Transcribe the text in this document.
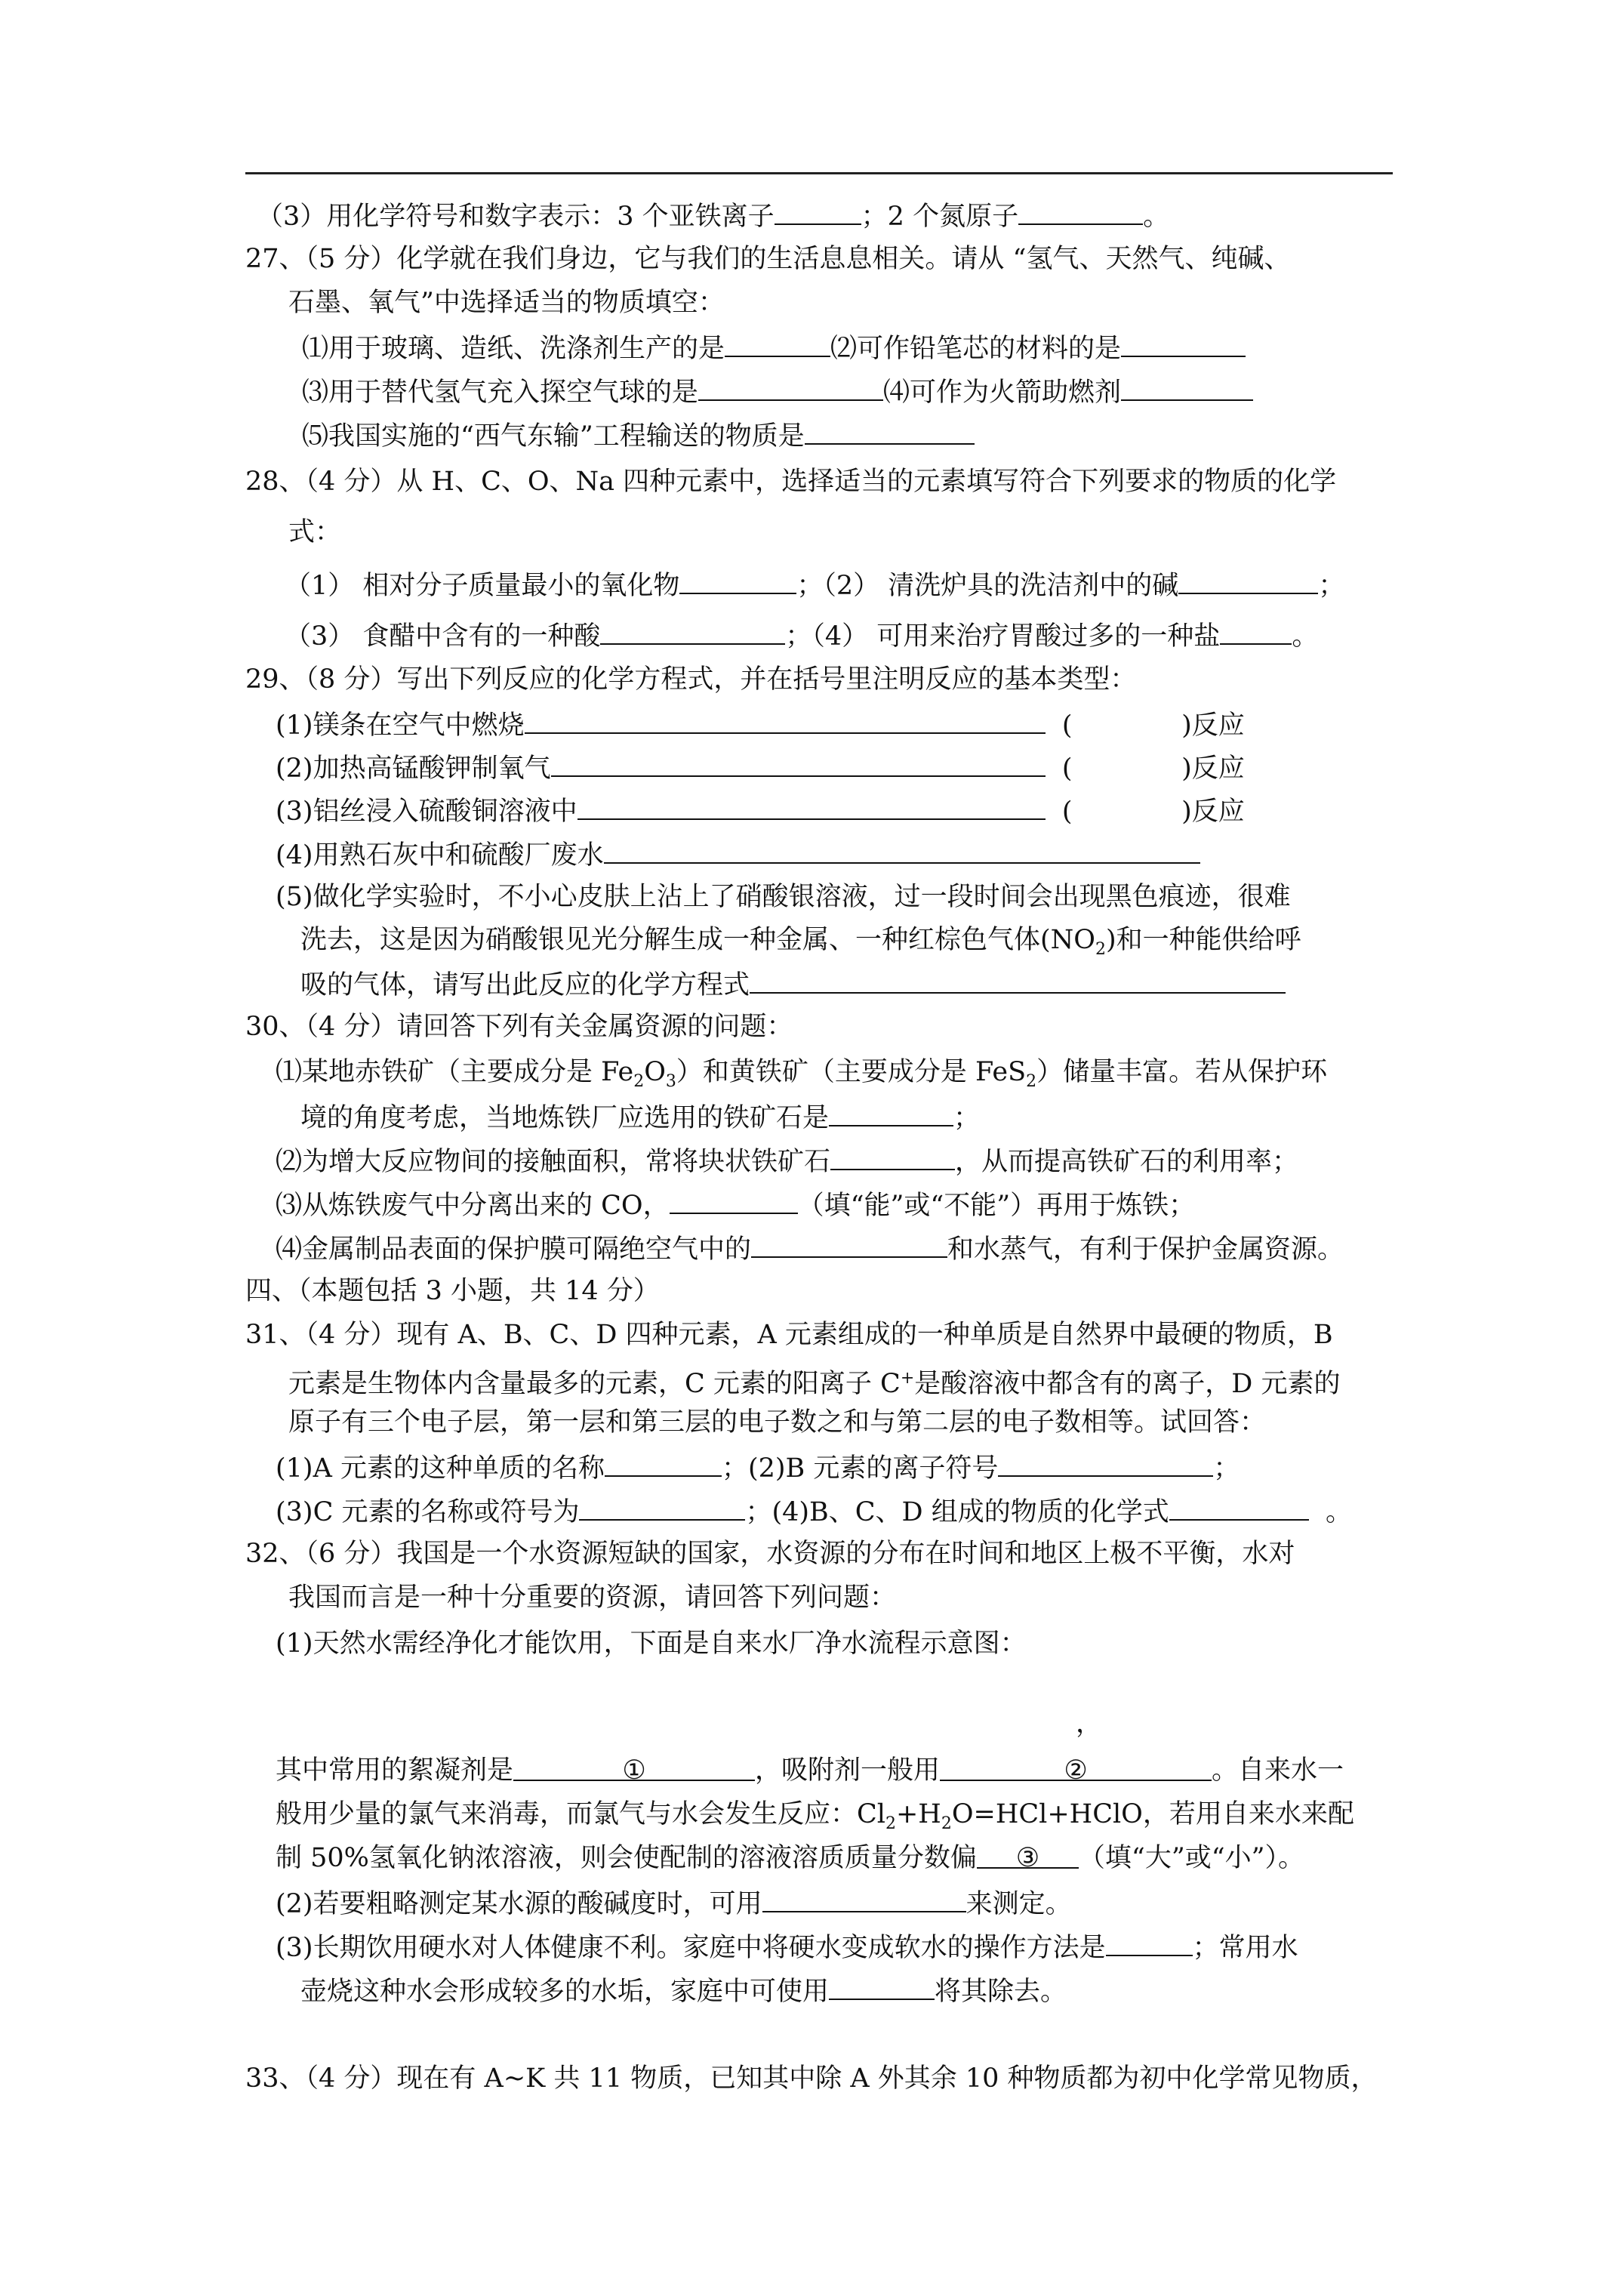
（3）用化学符号和数字表示：3 个亚铁离子	；2 个氮原子	。
27、（5 分）化学就在我们身边，它与我们的生活息息相关。请从 “氢气、天然气、纯碱、
石墨、氧气”中选择适当的物质填空：
⑴用于玻璃、造纸、洗涤剂生产的是	⑵可作铅笔芯的材料的是
⑶用于替代氢气充入探空气球的是	⑷可作为火箭助燃剂
⑸我国实施的“西气东输”工程输送的物质是
28、（4 分）从 H、C、O、Na 四种元素中，选择适当的元素填写符合下列要求的物质的化学
式：
（1） 相对分子质量最小的氧化物	；（2） 清洗炉具的洗洁剂中的碱	；
（3） 食醋中含有的一种酸	；（4） 可用来治疗胃酸过多的一种盐	。
29、（8 分）写出下列反应的化学方程式，并在括号里注明反应的基本类型：
(1)镁条在空气中燃烧	(             )反应
(2)加热高锰酸钾制氧气	(             )反应
(3)铝丝浸入硫酸铜溶液中	(             )反应
(4)用熟石灰中和硫酸厂废水
(5)做化学实验时，不小心皮肤上沾上了硝酸银溶液，过一段时间会出现黑色痕迹，很难
洗去，这是因为硝酸银见光分解生成一种金属、一种红棕色气体$(NO_2)$和一种能供给呼
吸的气体，请写出此反应的化学方程式
30、（4 分）请回答下列有关金属资源的问题：
⑴某地赤铁矿（主要成分是 $Fe_2O_3$）和黄铁矿（主要成分是 FeS$_2$）储量丰富。若从保护环
境的角度考虑，当地炼铁厂应选用的铁矿石是	；
⑵为增大反应物间的接触面积，常将块状铁矿石	，从而提高铁矿石的利用率；
⑶从炼铁废气中分离出来的 CO，	（填“能”或“不能”）再用于炼铁；
⑷金属制品表面的保护膜可隔绝空气中的	和水蒸气，有利于保护金属资源。
四、（本题包括 3 小题，共 14 分）
31、（4 分）现有 A、B、C、D 四种元素，A 元素组成的一种单质是自然界中最硬的物质，B
元素是生物体内含量最多的元素，C 元素的阳离子 C+是酸溶液中都含有的离子，D 元素的
原子有三个电子层，第一层和第三层的电子数之和与第二层的电子数相等。试回答：
(1)A 元素的这种单质的名称	；(2)B 元素的离子符号	；
(3)C 元素的名称或符号为	；(4)B、C、D 组成的物质的化学式	。
32、（6 分）我国是一个水资源短缺的国家，水资源的分布在时间和地区上极不平衡，水对
我国而言是一种十分重要的资源，请回答下列问题：
(1)天然水需经净化才能饮用，下面是自来水厂净水流程示意图：
，
其中常用的絮凝剂是	①	，吸附剂一般用	②	。自来水一
般用少量的氯气来消毒，而氯气与水会发生反应：$Cl_2+H_2O=HCl+HClO$，若用自来水来配
制 50%氢氧化钠浓溶液，则会使配制的溶液溶质质量分数偏 ③ （填“大”或“小”）。
(2)若要粗略测定某水源的酸碱度时，可用	来测定。
(3)长期饮用硬水对人体健康不利。家庭中将硬水变成软水的操作方法是	；常用水
壶烧这种水会形成较多的水垢，家庭中可使用	将其除去。
33、（4 分）现在有 A~K 共 11 物质，已知其中除 A 外其余 10 种物质都为初中化学常见物质，
